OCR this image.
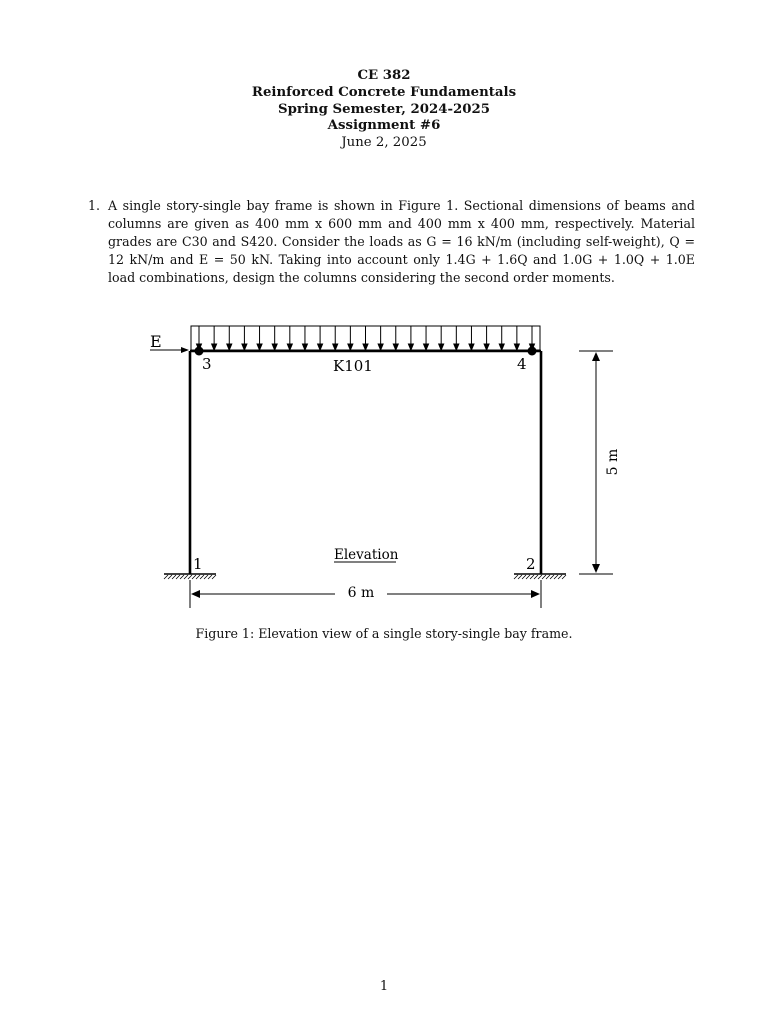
CE 382
Reinforced Concrete Fundamentals
Spring Semester, 2024-2025
Assignment #6
June 2, 2025
1. A single story-single bay frame is shown in Figure 1. Sectional dimensions of beams and columns are given as 400 mm x 600 mm and 400 mm x 400 mm, respectively. Material grades are C30 and S420. Consider the loads as G = 16 kN/m (including self-weight), Q = 12 kN/m and E = 50 kN. Taking into account only 1.4G + 1.6Q and 1.0G + 1.0Q + 1.0E load combinations, design the columns considering the second order moments.
E
3	4
1	2
K101
Elevation
5 m
6 m
Figure 1: Elevation view of a single story-single bay frame.
1
